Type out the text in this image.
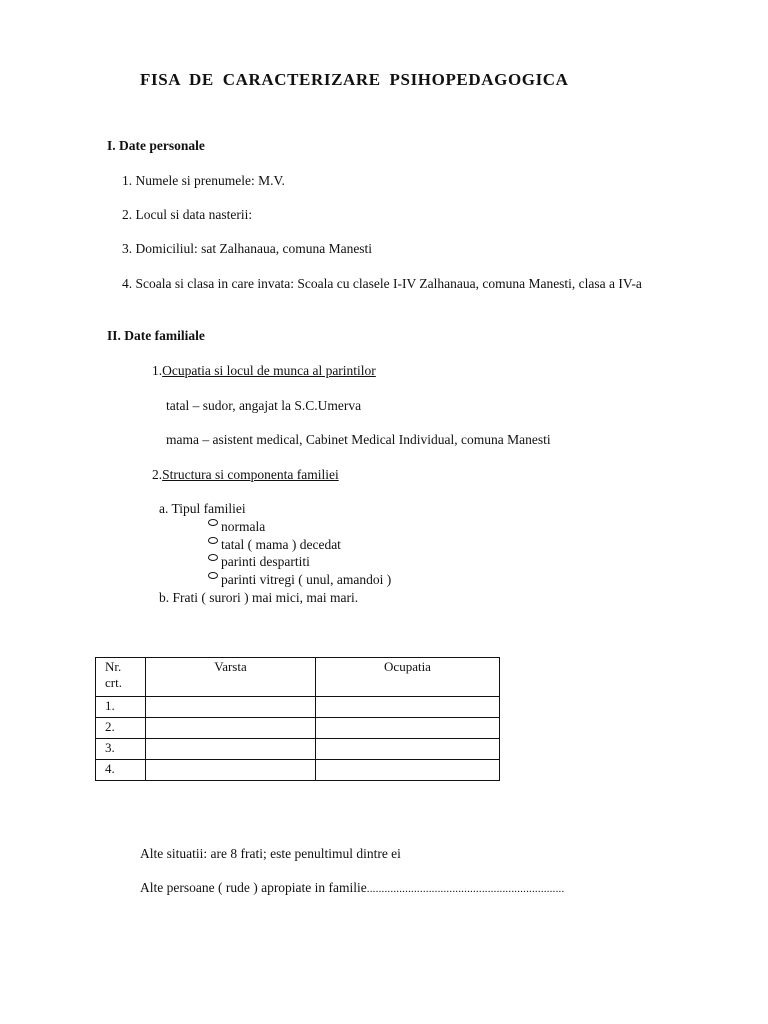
FISA DE CARACTERIZARE PSIHOPEDAGOGICA
I. Date personale
1. Numele si prenumele: M.V.
2. Locul si data nasterii:
3. Domiciliul: sat Zalhanaua, comuna Manesti
4. Scoala si clasa in care invata: Scoala cu clasele I-IV Zalhanaua, comuna Manesti, clasa a IV-a
II. Date familiale
1.Ocupatia si locul de munca al parintilor
tatal – sudor, angajat la S.C.Umerva
mama – asistent medical, Cabinet Medical Individual, comuna Manesti
2.Structura si componenta familiei
a. Tipul familiei
normala
tatal ( mama ) decedat
parinti despartiti
parinti vitregi ( unul, amandoi )
b. Frati ( surori ) mai mici, mai mari.
Nr.
crt.	Varsta	Ocupatia
1.		
2.		
3.		
4.		
Alte situatii: are 8 frati; este penultimul dintre ei
Alte persoane ( rude ) apropiate in familie...................................................................
